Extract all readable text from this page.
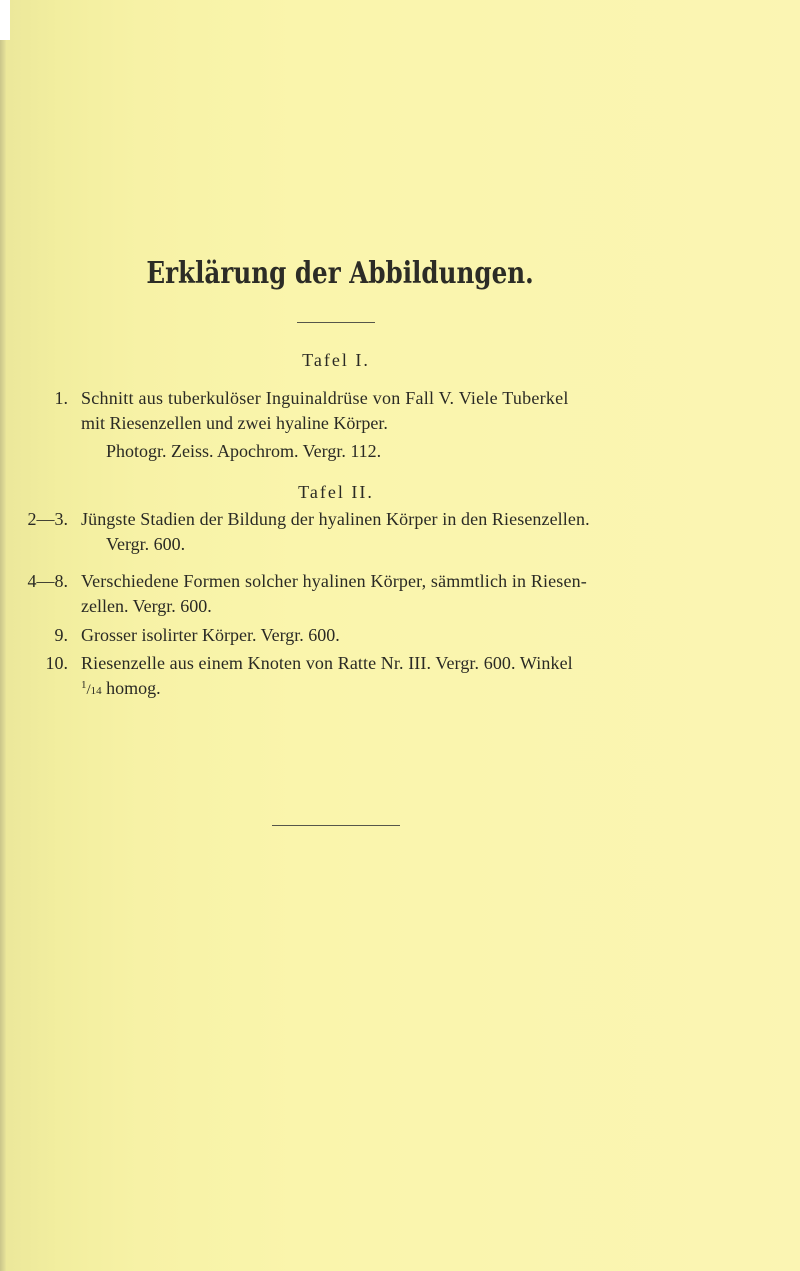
Erklärung der Abbildungen.
Tafel I.
1. Schnitt aus tuberkulöser Inguinaldrüse von Fall V. Viele Tuberkel
mit Riesenzellen und zwei hyaline Körper.
Photogr. Zeiss. Apochrom. Vergr. 112.
Tafel II.
2—3. Jüngste Stadien der Bildung der hyalinen Körper in den Riesenzellen.
Vergr. 600.
4—8. Verschiedene Formen solcher hyalinen Körper, sämmtlich in Riesen-
zellen. Vergr. 600.
9. Grosser isolirter Körper. Vergr. 600.
10. Riesenzelle aus einem Knoten von Ratte Nr. III. Vergr. 600. Winkel
$^1$/14 homog.
